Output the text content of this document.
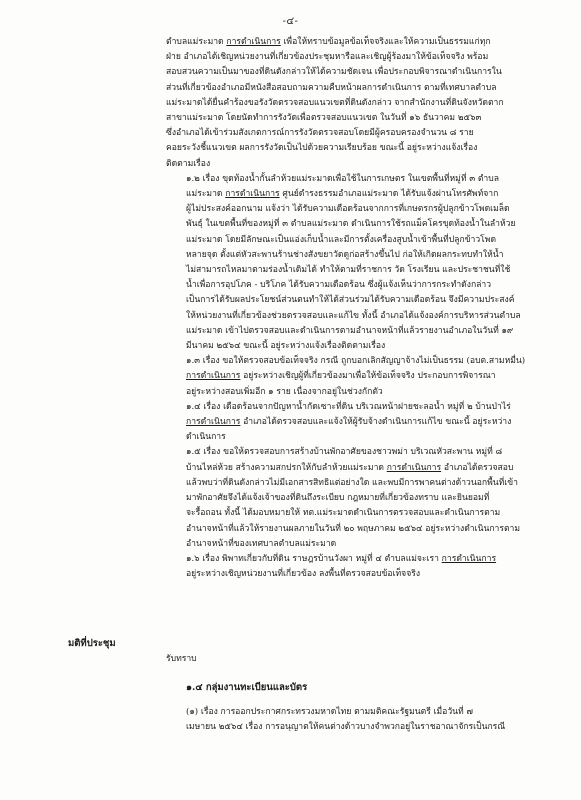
-๔-

ตำบลแม่ระมาด การดำเนินการ เพื่อให้ทราบข้อมูลข้อเท็จจริงและให้ความเป็นธรรมแก่ทุก
ฝ่าย อำเภอได้เชิญหน่วยงานที่เกี่ยวข้องประชุมหารือและเชิญผู้ร้องมาให้ข้อเท็จจริง พร้อม
สอบสวนความเป็นมาของที่ดินดังกล่าวให้ได้ความชัดเจน เพื่อประกอบพิจารณาดำเนินการใน
ส่วนที่เกี่ยวข้องอำเภอมีหนังสือสอบถามความคืบหน้าผลการดำเนินการ ตามที่เทศบาลตำบล
แม่ระมาดได้ยื่นคำร้องขอรังวัดตรวจสอบแนวเขตที่ดินดังกล่าว จากสำนักงานที่ดินจังหวัดตาก
สาขาแม่ระมาด โดยนัดทำการรังวัดเพื่อตรวจสอบแนวเขต ในวันที่ ๑๖ ธันวาคม ๒๕๖๓
ซึ่งอำเภอได้เข้าร่วมสังเกตการณ์การรังวัดตรวจสอบโดยมีผู้ครอบครองจำนวน ๘ ราย
คอยระวังชี้แนวเขต ผลการรังวัดเป็นไปด้วยความเรียบร้อย ขณะนี้ อยู่ระหว่างแจ้งเรื่อง
ติดตามเรื่อง

๑.๒ เรื่อง ขุดท้องน้ำกั้นลำห้วยแม่ระมาดเพื่อใช้ในการเกษตร ในเขตพื้นที่หมู่ที่ ๓ ตำบล
แม่ระมาด การดำเนินการ ศูนย์ดำรงธรรมอำเภอแม่ระมาด ได้รับแจ้งผ่านโทรศัพท์จาก
ผู้ไม่ประสงค์ออกนาม แจ้งว่า ได้รับความเดือดร้อนจากการที่เกษตรกรผู้ปลูกข้าวโพดเมล็ด
พันธุ์ ในเขตพื้นที่ของหมู่ที่ ๓ ตำบลแม่ระมาด ดำเนินการใช้รถแม็คโครขุดท้องน้ำในลำห้วย
แม่ระมาด โดยมีลักษณะเป็นแอ่งเก็บน้ำและมีการตั้งเครื่องสูบน้ำเข้าพื้นที่ปลูกข้าวโพด
หลายจุด ตั้งแต่หัวสะพานร้านช่างสังขยาวัดดูก่อสร้างขึ้นไป ก่อให้เกิดผลกระทบทำให้น้ำ
ไม่สามารถไหลมาตามร่องน้ำเดิมได้ ทำให้ตามที่ราชการ วัด โรงเรียน และประชาชนที่ใช้
น้ำเพื่อการอุปโภค - บริโภค ได้รับความเดือดร้อน ซึ่งผู้แจ้งเห็นว่าการกระทำดังกล่าว
เป็นการได้รับผลประโยชน์ส่วนตนทำให้ได้ส่วนร่วมได้รับความเดือดร้อน จึงมีความประสงค์
ให้หน่วยงานที่เกี่ยวข้องช่วยตรวจสอบและแก้ไข ทั้งนี้ อำเภอได้แจ้งองค์การบริหารส่วนตำบล
แม่ระมาด เข้าไปตรวจสอบและดำเนินการตามอำนาจหน้าที่แล้วรายงานอำเภอในวันที่ ๑๙
มีนาคม ๒๕๖๔ ขณะนี้ อยู่ระหว่างแจ้งเรื่องติดตามเรื่อง

๑.๓ เรื่อง ขอให้ตรวจสอบข้อเท็จจริง กรณี ถูกบอกเลิกสัญญาจ้างไม่เป็นธรรม (อบต.สามหมื่น)
การดำเนินการ อยู่ระหว่างเชิญผู้ที่เกี่ยวข้องมาเพื่อให้ข้อเท็จจริง ประกอบการพิจารณา
อยู่ระหว่างสอบเพิ่มอีก ๑ ราย เนื่องจากอยู่ในช่วงกักตัว

๑.๔ เรื่อง เดือดร้อนจากปัญหาน้ำกัดเซาะที่ดิน บริเวณหน้าฝายชะลอน้ำ หมู่ที่ ๒ บ้านป่าไร่
การดำเนินการ อำเภอได้ตรวจสอบและแจ้งให้ผู้รับจ้างดำเนินการแก้ไข ขณะนี้ อยู่ระหว่าง
ดำเนินการ

๑.๕ เรื่อง ขอให้ตรวจสอบการสร้างบ้านพักอาศัยของชาวพม่า บริเวณหัวสะพาน หมู่ที่ ๘
บ้านไหล่ห้วย สร้างความสกปรกให้กับลำห้วยแม่ระมาด การดำเนินการ อำเภอได้ตรวจสอบ
แล้วพบว่าที่ดินดังกล่าวไม่มีเอกสารสิทธิแต่อย่างใด และพบมีการพาคนต่างด้าวนอกพื้นที่เข้า
มาพักอาศัยจึงได้แจ้งเจ้าของที่ดินถึงระเบียบ กฎหมายที่เกี่ยวข้องทราบ และยินยอมที่
จะรื้อถอน ทั้งนี้ ได้มอบหมายให้ ทต.แม่ระมาดดำเนินการตรวจสอบและดำเนินการตาม
อำนาจหน้าที่แล้วให้รายงานผลภายในวันที่ ๒๐ พฤษภาคม ๒๕๖๔ อยู่ระหว่างดำเนินการตาม
อำนาจหน้าที่ของเทศบาลตำบลแม่ระมาด

๑.๖ เรื่อง พิพาทเกี่ยวกับที่ดิน ราษฎรบ้านวังผา หมู่ที่ ๔ ตำบลแม่จะเรา การดำเนินการ
อยู่ระหว่างเชิญหน่วยงานที่เกี่ยวข้อง ลงพื้นที่ตรวจสอบข้อเท็จจริง

มติที่ประชุม
รับทราบ
๑.๔ กลุ่มงานทะเบียนและบัตร

(๑) เรื่อง การออกประกาศกระทรวงมหาดไทย ตามมติคณะรัฐมนตรี เมื่อวันที่ ๗
เมษายน ๒๕๖๔ เรื่อง การอนุญาตให้คนต่างด้าวบางจำพวกอยู่ในราชอาณาจักรเป็นกรณี
